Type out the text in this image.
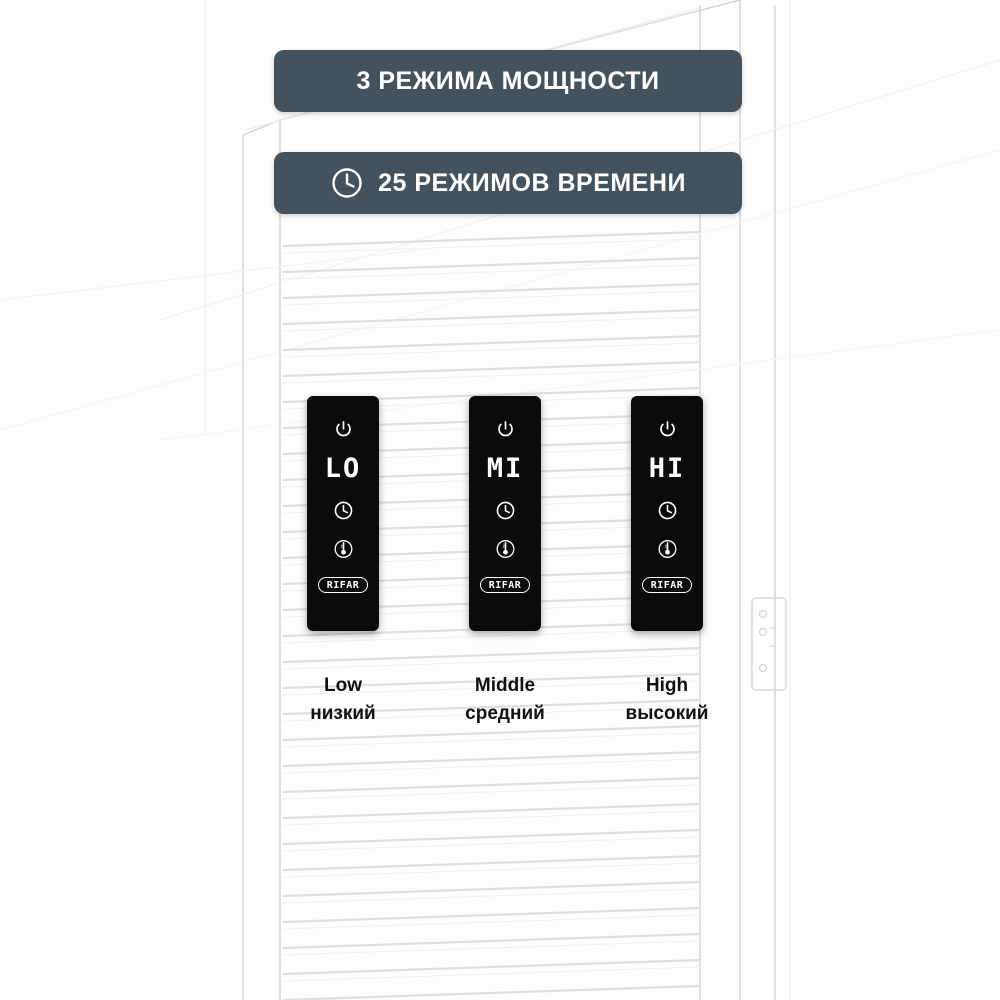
3 РЕЖИМА МОЩНОСТИ
25 РЕЖИМОВ ВРЕМЕНИ
LO
RIFAR
MI
RIFAR
HI
RIFAR
Low
низкий
Middle
средний
High
высокий
